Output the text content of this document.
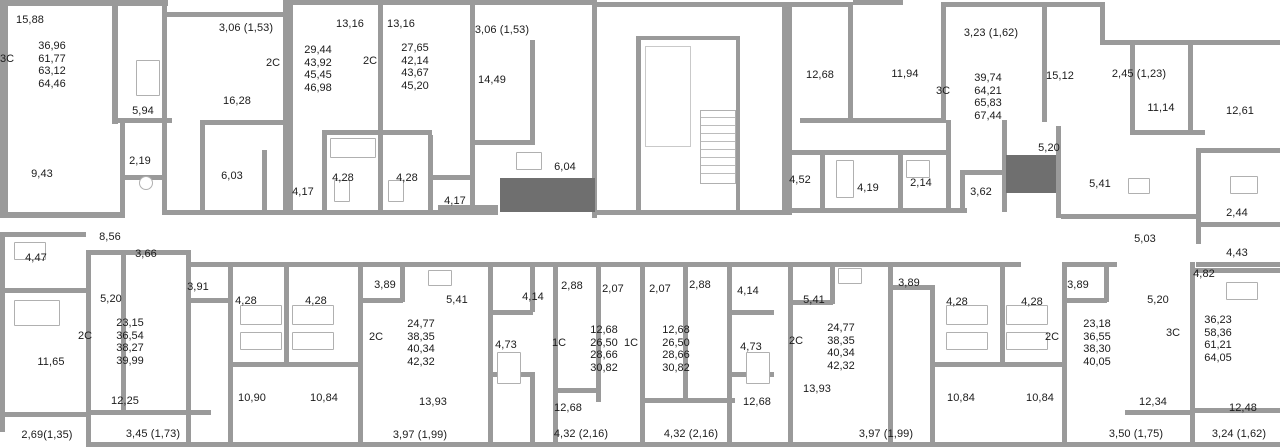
15,88
5,94
9,43
2,19
3,06 (1,53)
16,28
6,03
4,17
4,28	4,28
13,16	13,16	3,06 (1,53)
14,49
4,17
6,04
12,68	11,94
4,52
4,19	2,14
3,62
3,23 (1,62)
15,12
5,20
5,41
2,45 (1,23)
11,14	12,61
2,44
4,43
5,03
4,82
8,56
4,47	3,66
5,20
3,91
11,65
12,25
2,69(1,35)	3,45 (1,73)
4,28	4,28
10,90	10,84
3,89
5,41
13,93
3,97 (1,99)
4,73
4,14
2,88	2,07	2,07	2,88
12,68
4,32 (2,16)	4,32 (2,16)
4,14
4,73
12,68
5,41
13,93
3,97 (1,99)
3,89
4,28	4,28
10,84	10,84
3,89
5,20
12,34
3,50 (1,75)	3,24 (1,62)
12,48
3С
36,96
61,77
63,12
64,46
2С
29,44
43,92
45,45
46,98
2С
27,65
42,14
43,67
45,20	3С
39,74
64,21
65,83
67,44
2С
23,15
36,54
38,27
39,99
2С
24,77
38,35
40,34
42,32
1С
12,68
26,50
28,66
30,82
1С
12,68
26,50
28,66
30,82
2С
24,77
38,35
40,34
42,32
2С
23,18
36,55
38,30
40,05
3С
36,23
58,36
61,21
64,05
